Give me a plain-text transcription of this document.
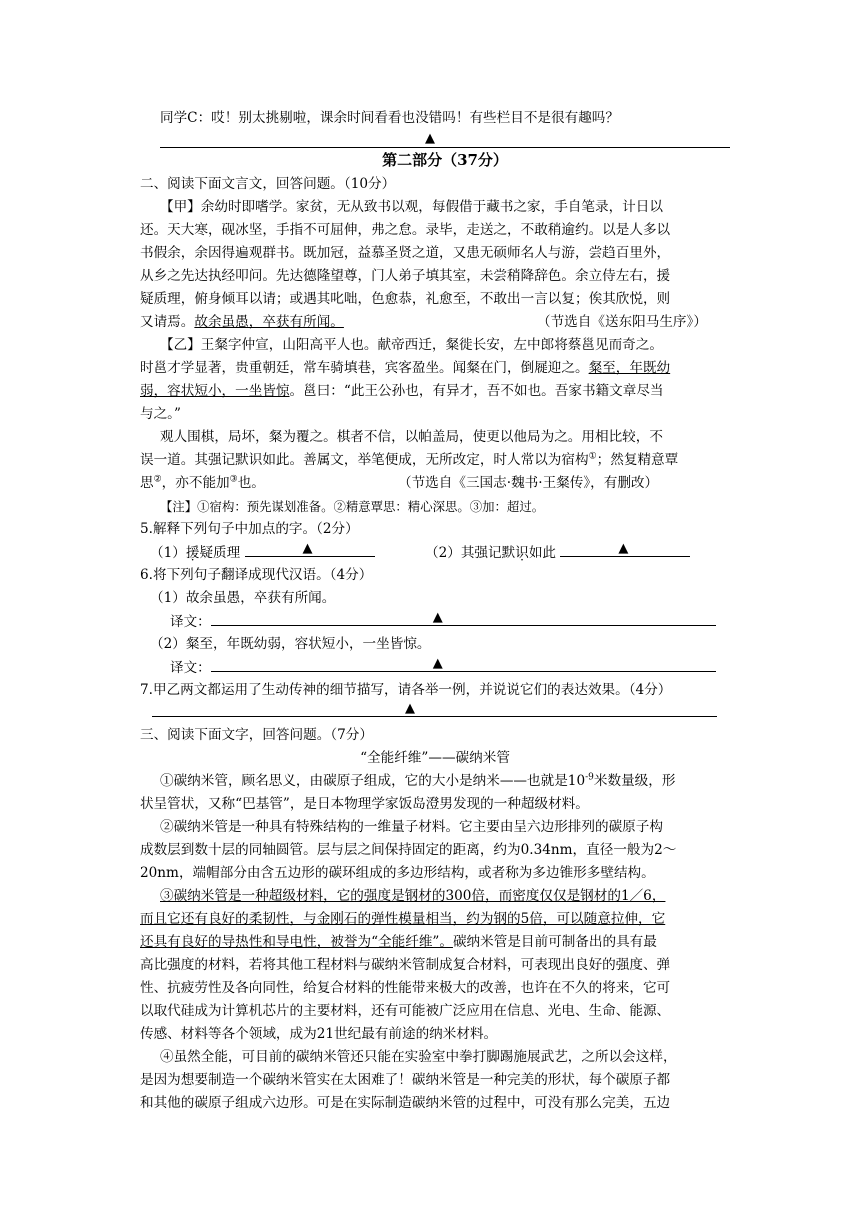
同学C：哎！别太挑剔啦，课余时间看看也没错吗！有些栏目不是很有趣吗？
▲
第二部分（37分）
二、阅读下面文言文，回答问题。（10分）
【甲】余幼时即嗜学。家贫，无从致书以观，每假借于藏书之家，手自笔录，计日以
还。天大寒，砚冰坚，手指不可屈伸，弗之怠。录毕，走送之，不敢稍逾约。以是人多以
书假余，余因得遍观群书。既加冠，益慕圣贤之道，又患无硕师名人与游，尝趋百里外，
从乡之先达执经叩问。先达德隆望尊，门人弟子填其室，未尝稍降辞色。余立侍左右，援
疑质理，俯身倾耳以请；或遇其叱咄，色愈恭，礼愈至，不敢出一言以复；俟其欣悦，则
又请焉。故余虽愚，卒获有所闻。	（节选自《送东阳马生序》）
【乙】王粲字仲宣，山阳高平人也。献帝西迁，粲徙长安，左中郎将蔡邕见而奇之。
时邕才学显著，贵重朝廷，常车骑填巷，宾客盈坐。闻粲在门，倒屣迎之。粲至，年既幼
弱，容状短小，一坐皆惊。邕曰：“此王公孙也，有异才，吾不如也。吾家书籍文章尽当
与之。”
观人围棋，局坏，粲为覆之。棋者不信，以帕盖局，使更以他局为之。用相比较，不
误一道。其强记默识如此。善属文，举笔便成，无所改定，时人常以为宿构①；然复精意覃
思②，亦不能加③也。	（节选自《三国志·魏书·王粲传》，有删改）
【注】①宿构：预先谋划准备。②精意覃思：精心深思。③加：超过。
5.解释下列句子中加点的字。（2分）
（1）援疑质理	▲	（2）其强记默识如此	▲
6.将下列句子翻译成现代汉语。（4分）
（1）故余虽愚，卒获有所闻。
译文：	▲
（2）粲至，年既幼弱，容状短小，一坐皆惊。
译文：	▲
7.甲乙两文都运用了生动传神的细节描写，请各举一例，并说说它们的表达效果。（4分）
▲
三、阅读下面文字，回答问题。（7分）
“全能纤维”——碳纳米管
①碳纳米管，顾名思义，由碳原子组成，它的大小是纳米——也就是$10^{-9}$米数量级，形
状呈管状，又称“巴基管”，是日本物理学家饭岛澄男发现的一种超级材料。
②碳纳米管是一种具有特殊结构的一维量子材料。它主要由呈六边形排列的碳原子构
成数层到数十层的同轴圆管。层与层之间保持固定的距离，约为0.34nm，直径一般为2～
20nm，端帽部分由含五边形的碳环组成的多边形结构，或者称为多边锥形多壁结构。
③碳纳米管是一种超级材料，它的强度是钢材的300倍，而密度仅仅是钢材的1／6，
而且它还有良好的柔韧性，与金刚石的弹性模量相当，约为钢的5倍，可以随意拉伸，它
还具有良好的导热性和导电性，被誉为“全能纤维”。碳纳米管是目前可制备出的具有最
高比强度的材料，若将其他工程材料与碳纳米管制成复合材料，可表现出良好的强度、弹
性、抗疲劳性及各向同性，给复合材料的性能带来极大的改善，也许在不久的将来，它可
以取代硅成为计算机芯片的主要材料，还有可能被广泛应用在信息、光电、生命、能源、
传感、材料等各个领域，成为21世纪最有前途的纳米材料。
④虽然全能，可目前的碳纳米管还只能在实验室中拳打脚踢施展武艺，之所以会这样，
是因为想要制造一个碳纳米管实在太困难了！碳纳米管是一种完美的形状，每个碳原子都
和其他的碳原子组成六边形。可是在实际制造碳纳米管的过程中，可没有那么完美，五边
